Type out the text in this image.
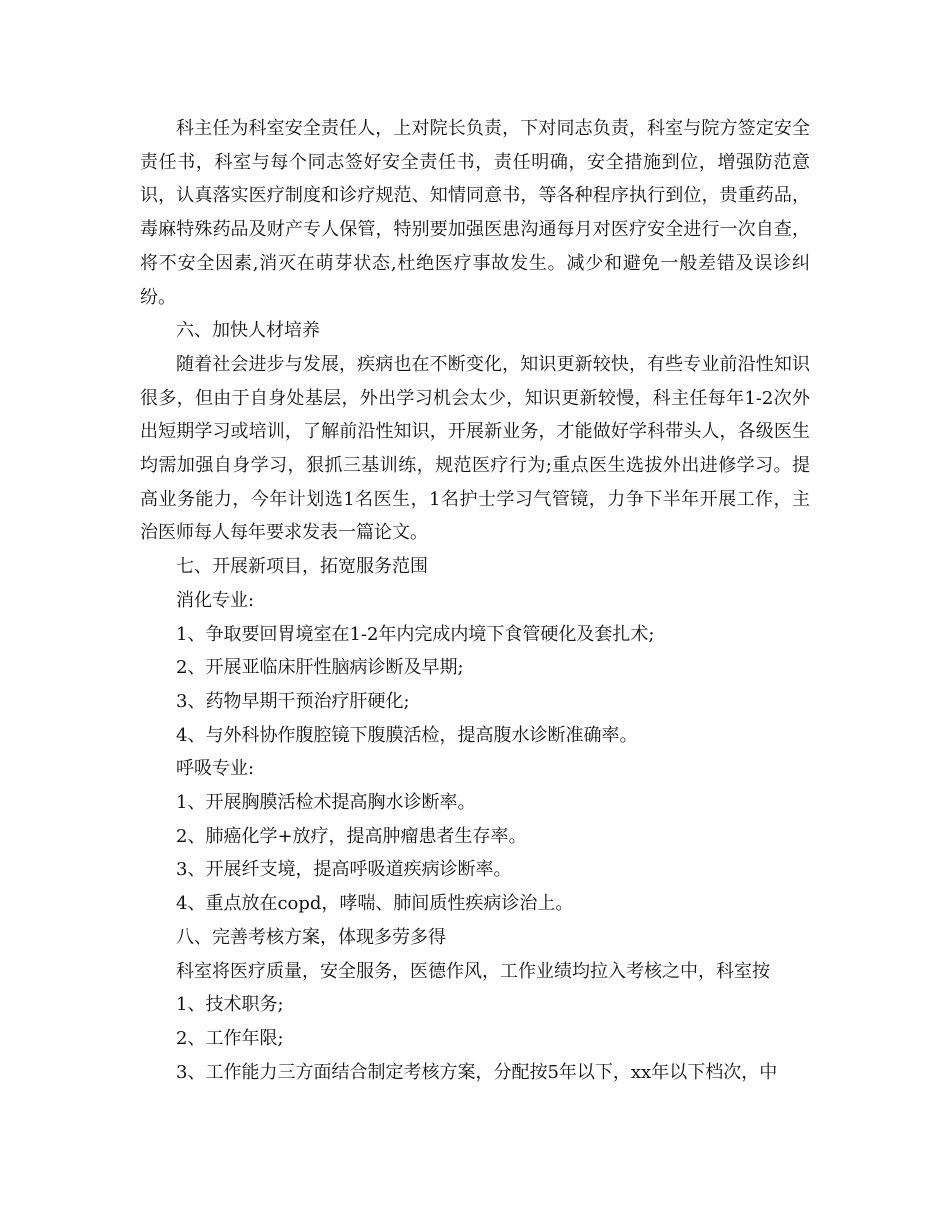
科主任为科室安全责任人，上对院长负责，下对同志负责，科室与院方签定安全责任书，科室与每个同志签好安全责任书，责任明确，安全措施到位，增强防范意识，认真落实医疗制度和诊疗规范、知情同意书，等各种程序执行到位，贵重药品，毒麻特殊药品及财产专人保管，特别要加强医患沟通每月对医疗安全进行一次自查，将不安全因素,消灭在萌芽状态,杜绝医疗事故发生。减少和避免一般差错及误诊纠纷。

六、加快人材培养

随着社会进步与发展，疾病也在不断变化，知识更新较快，有些专业前沿性知识很多，但由于自身处基层，外出学习机会太少，知识更新较慢，科主任每年1-2次外出短期学习或培训，了解前沿性知识，开展新业务，才能做好学科带头人，各级医生均需加强自身学习，狠抓三基训练，规范医疗行为;重点医生选拔外出进修学习。提高业务能力，今年计划选1名医生，1名护士学习气管镜，力争下半年开展工作，主治医师每人每年要求发表一篇论文。

七、开展新项目，拓宽服务范围

消化专业:

1、争取要回胃境室在1-2年内完成内境下食管硬化及套扎术;

2、开展亚临床肝性脑病诊断及早期;

3、药物早期干预治疗肝硬化;

4、与外科协作腹腔镜下腹膜活检，提高腹水诊断准确率。

呼吸专业:

1、开展胸膜活检术提高胸水诊断率。

2、肺癌化学+放疗，提高肿瘤患者生存率。

3、开展纤支境，提高呼吸道疾病诊断率。

4、重点放在copd，哮喘、肺间质性疾病诊治上。

八、完善考核方案，体现多劳多得

科室将医疗质量，安全服务，医德作风，工作业绩均拉入考核之中，科室按

1、技术职务;

2、工作年限;

3、工作能力三方面结合制定考核方案，分配按5年以下，xx年以下档次，中
